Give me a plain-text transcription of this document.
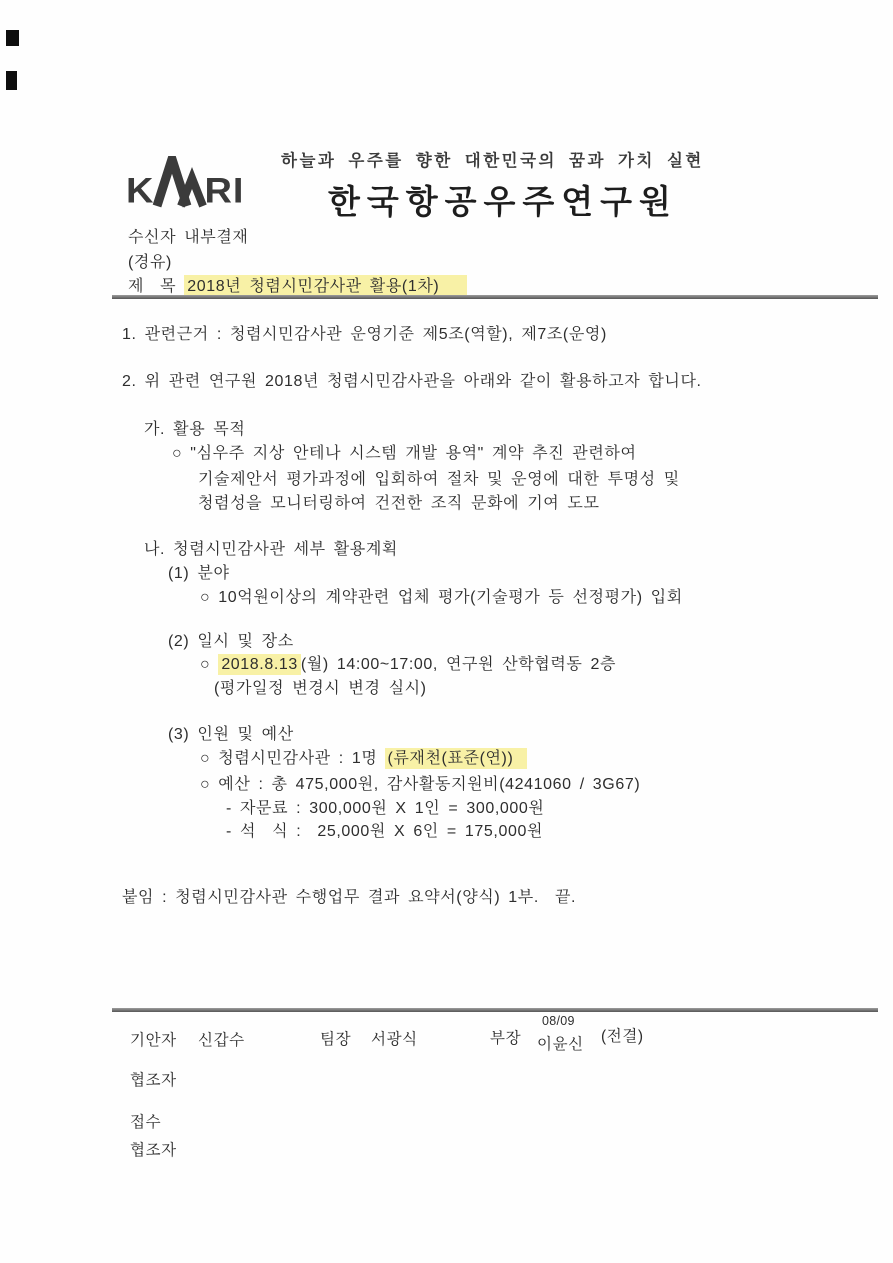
K RI
하늘과 우주를 향한 대한민국의 꿈과 가치 실현
한국항공우주연구원
수신자 내부결재
(경유)
제  목 2018년 청렴시민감사관 활용(1차)
1. 관련근거 : 청렴시민감사관 운영기준 제5조(역할), 제7조(운영)
2. 위 관련 연구원 2018년 청렴시민감사관을 아래와 같이 활용하고자 합니다.
가. 활용 목적
○ "심우주 지상 안테나 시스템 개발 용역" 계약 추진 관련하여
기술제안서 평가과정에 입회하여 절차 및 운영에 대한 투명성 및
청렴성을 모니터링하여 건전한 조직 문화에 기여 도모
나. 청렴시민감사관 세부 활용계획
(1) 분야
○ 10억원이상의 계약관련 업체 평가(기술평가 등 선정평가) 입회
(2) 일시 및 장소
○ 2018.8.13 (월) 14:00~17:00, 연구원 산학협력동 2층
(평가일정 변경시 변경 실시)
(3) 인원 및 예산
○ 청렴시민감사관 : 1명 (류재천(표준(연))
○ 예산 : 총 475,000원, 감사활동지원비(4241060 / 3G67)
- 자문료 : 300,000원 X 1인 = 300,000원
- 석  식 :  25,000원 X 6인 = 175,000원
붙임 : 청렴시민감사관 수행업무 결과 요약서(양식) 1부.  끝.
기안자 신갑수	팀장 서광식	부장
08/09
이윤신 (전결)
협조자
접수
협조자
